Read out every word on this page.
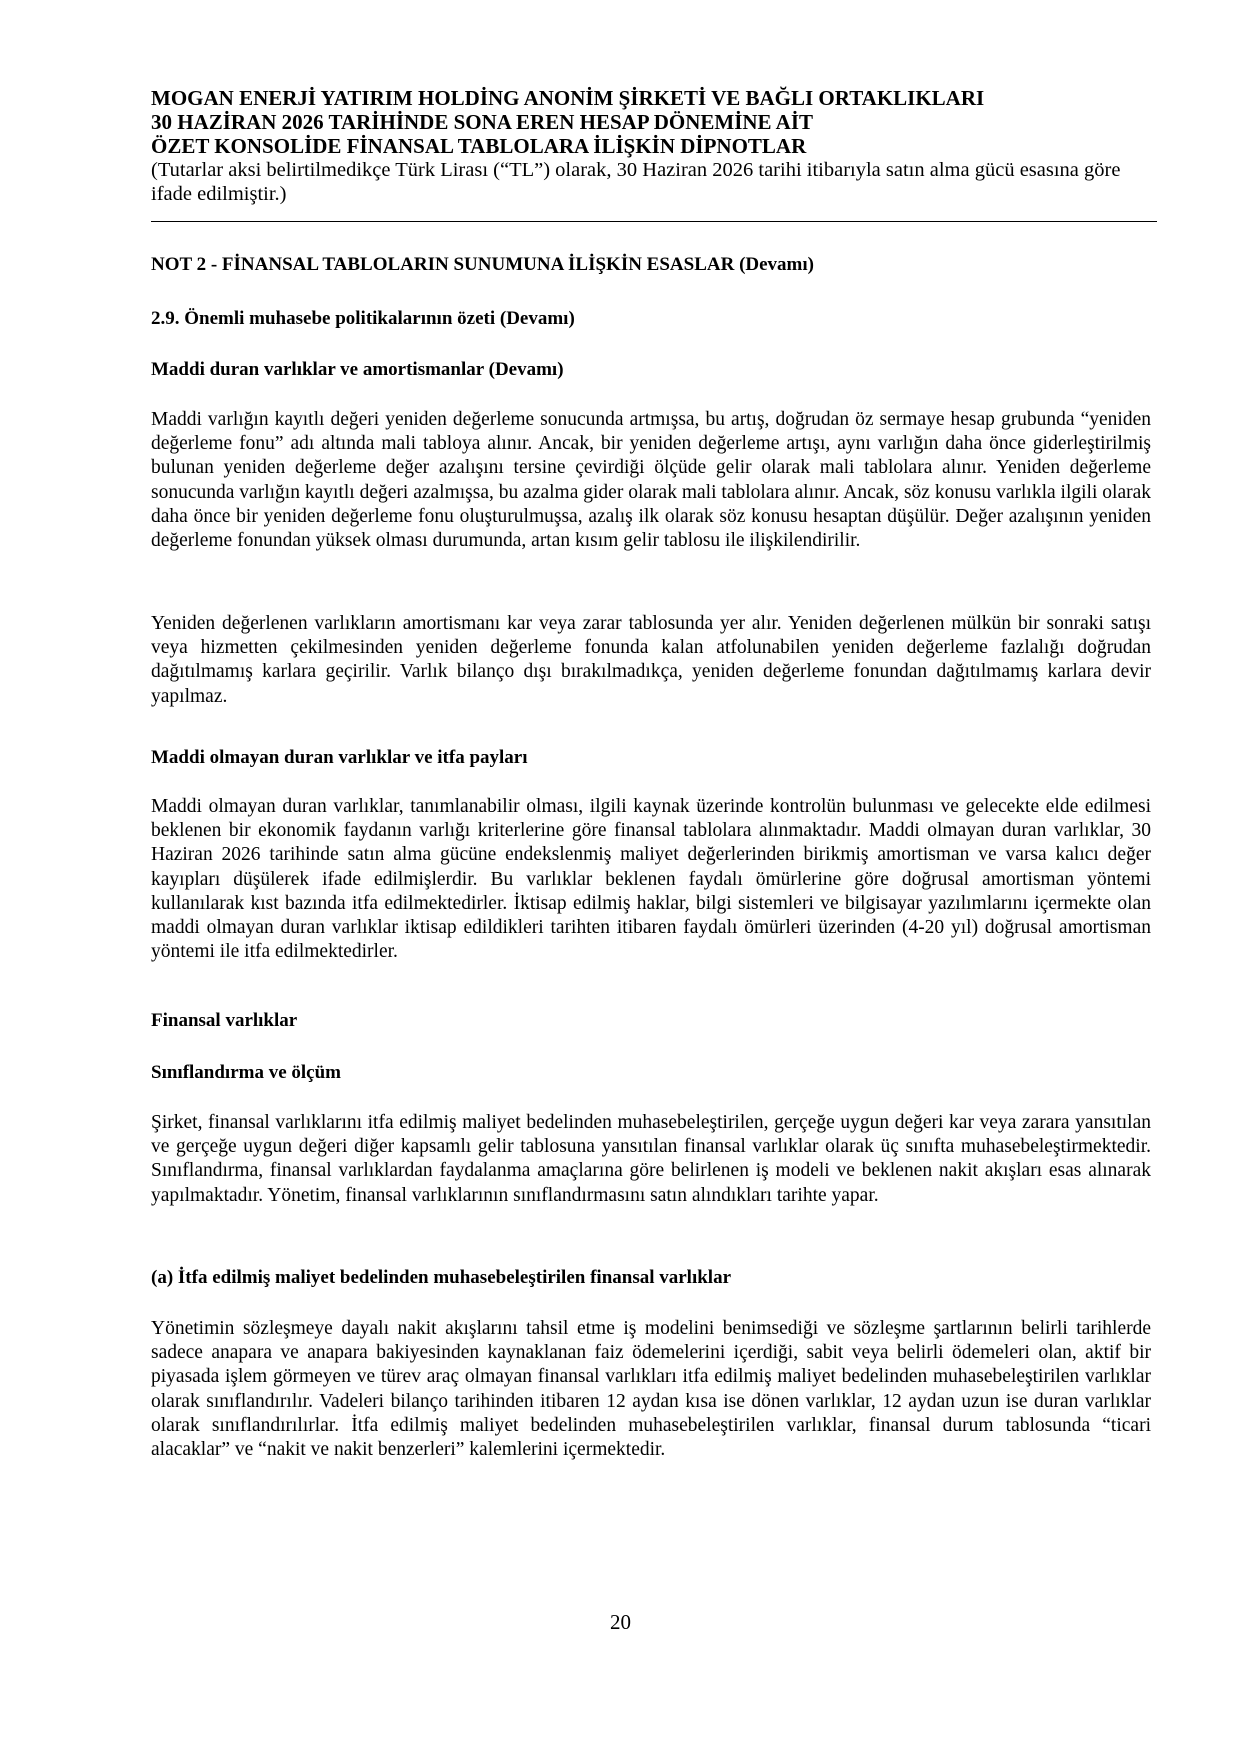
MOGAN ENERJİ YATIRIM HOLDİNG ANONİM ŞİRKETİ VE BAĞLI ORTAKLIKLARI
30 HAZİRAN 2026 TARİHİNDE SONA EREN HESAP DÖNEMİNE AİT
ÖZET KONSOLİDE FİNANSAL TABLOLARA İLİŞKİN DİPNOTLAR
(Tutarlar aksi belirtilmedikçe Türk Lirası (“TL”) olarak, 30 Haziran 2026 tarihi itibarıyla satın alma gücü esasına göre ifade edilmiştir.)
NOT 2 - FİNANSAL TABLOLARIN SUNUMUNA İLİŞKİN ESASLAR (Devamı)
2.9. Önemli muhasebe politikalarının özeti (Devamı)
Maddi duran varlıklar ve amortismanlar (Devamı)
Maddi varlığın kayıtlı değeri yeniden değerleme sonucunda artmışsa, bu artış, doğrudan öz sermaye hesap grubunda “yeniden değerleme fonu” adı altında mali tabloya alınır. Ancak, bir yeniden değerleme artışı, aynı varlığın daha önce giderleştirilmiş bulunan yeniden değerleme değer azalışını tersine çevirdiği ölçüde gelir olarak mali tablolara alınır. Yeniden değerleme sonucunda varlığın kayıtlı değeri azalmışsa, bu azalma gider olarak mali tablolara alınır. Ancak, söz konusu varlıkla ilgili olarak daha önce bir yeniden değerleme fonu oluşturulmuşsa, azalış ilk olarak söz konusu hesaptan düşülür. Değer azalışının yeniden değerleme fonundan yüksek olması durumunda, artan kısım gelir tablosu ile ilişkilendirilir.
Yeniden değerlenen varlıkların amortismanı kar veya zarar tablosunda yer alır. Yeniden değerlenen mülkün bir sonraki satışı veya hizmetten çekilmesinden yeniden değerleme fonunda kalan atfolunabilen yeniden değerleme fazlalığı doğrudan dağıtılmamış karlara geçirilir. Varlık bilanço dışı bırakılmadıkça, yeniden değerleme fonundan dağıtılmamış karlara devir yapılmaz.
Maddi olmayan duran varlıklar ve itfa payları
Maddi olmayan duran varlıklar, tanımlanabilir olması, ilgili kaynak üzerinde kontrolün bulunması ve gelecekte elde edilmesi beklenen bir ekonomik faydanın varlığı kriterlerine göre finansal tablolara alınmaktadır. Maddi olmayan duran varlıklar, 30 Haziran 2026 tarihinde satın alma gücüne endekslenmiş maliyet değerlerinden birikmiş amortisman ve varsa kalıcı değer kayıpları düşülerek ifade edilmişlerdir. Bu varlıklar beklenen faydalı ömürlerine göre doğrusal amortisman yöntemi kullanılarak kıst bazında itfa edilmektedirler. İktisap edilmiş haklar, bilgi sistemleri ve bilgisayar yazılımlarını içermekte olan maddi olmayan duran varlıklar iktisap edildikleri tarihten itibaren faydalı ömürleri üzerinden (4-20 yıl) doğrusal amortisman yöntemi ile itfa edilmektedirler.
Finansal varlıklar
Sınıflandırma ve ölçüm
Şirket, finansal varlıklarını itfa edilmiş maliyet bedelinden muhasebeleştirilen, gerçeğe uygun değeri kar veya zarara yansıtılan ve gerçeğe uygun değeri diğer kapsamlı gelir tablosuna yansıtılan finansal varlıklar olarak üç sınıfta muhasebeleştirmektedir. Sınıflandırma, finansal varlıklardan faydalanma amaçlarına göre belirlenen iş modeli ve beklenen nakit akışları esas alınarak yapılmaktadır. Yönetim, finansal varlıklarının sınıflandırmasını satın alındıkları tarihte yapar.
(a) İtfa edilmiş maliyet bedelinden muhasebeleştirilen finansal varlıklar
Yönetimin sözleşmeye dayalı nakit akışlarını tahsil etme iş modelini benimsediği ve sözleşme şartlarının belirli tarihlerde sadece anapara ve anapara bakiyesinden kaynaklanan faiz ödemelerini içerdiği, sabit veya belirli ödemeleri olan, aktif bir piyasada işlem görmeyen ve türev araç olmayan finansal varlıkları itfa edilmiş maliyet bedelinden muhasebeleştirilen varlıklar olarak sınıflandırılır. Vadeleri bilanço tarihinden itibaren 12 aydan kısa ise dönen varlıklar, 12 aydan uzun ise duran varlıklar olarak sınıflandırılırlar. İtfa edilmiş maliyet bedelinden muhasebeleştirilen varlıklar, finansal durum tablosunda “ticari alacaklar” ve “nakit ve nakit benzerleri” kalemlerini içermektedir.
20
